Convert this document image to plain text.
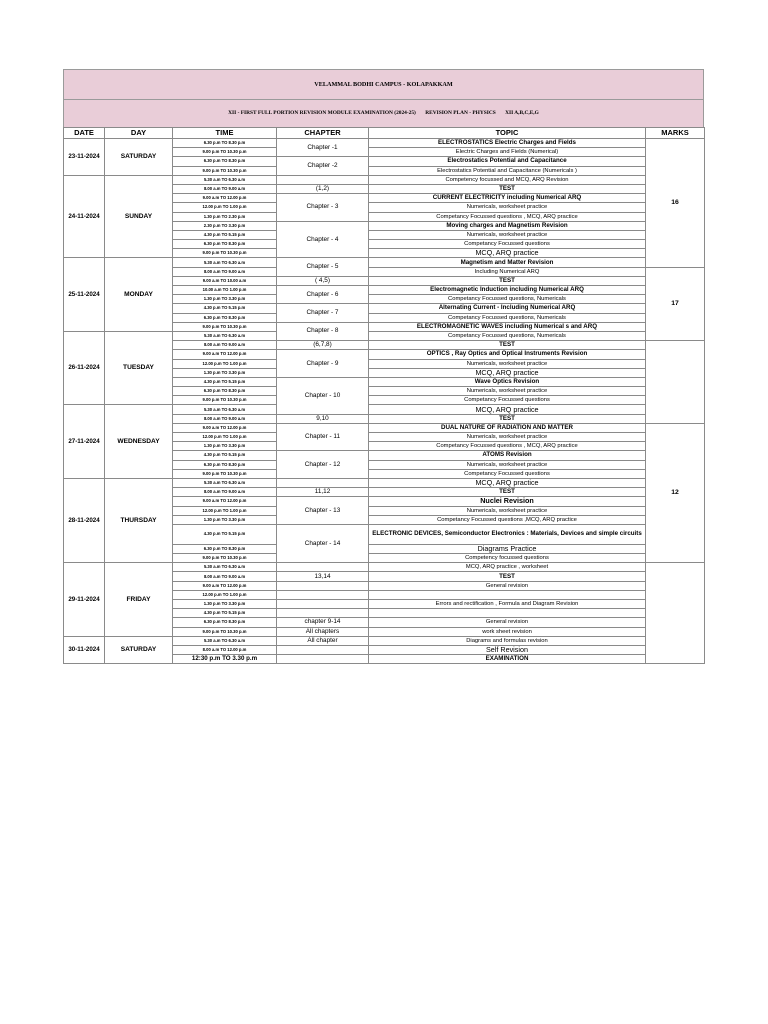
VELAMMAL BODHI CAMPUS - KOLAPAKKAM
XII - FIRST FULL PORTION REVISION MODULE EXAMINATION (2024-25) REVISION PLAN - PHYSICS XII A,B,C,E,G
DATE	DAY	TIME	CHAPTER	TOPIC	MARKS	
23-11-2024	SATURDAY	6.30 p.m TO 8.30 p.m	Chapter -1	ELECTROSTATICS Electric Charges and Fields	16	
		9.00 p.m TO 10.30 p.m		Electric Charges and Fields (Numerical)		
		6.30 p.m TO 8.30 p.m	Chapter -2	Electrostatics Potential and Capacitance		
		9.00 p.m TO 10.30 p.m		Electrostatics Potential and Capacitance (Numericals )		
24-11-2024	SUNDAY	5.30 a.m TO 6.30 a.m		Competency focussed and MCQ, ARQ Revision		
		8.00 a.m TO 9.00 a.m	(1,2)	TEST		
		9.00 a.m TO 12.00 p.m	Chapter - 3	CURRENT ELECTRICITY including Numerical ARQ		
		12.00 p.m TO 1.00 p.m		Numericals, worksheet practice		
		1.30 p.m TO 2.30 p.m		Competancy Focussed questions , MCQ, ARQ practice		
		2.30 p.m TO 3.30 p.m	Chapter - 4	Moving charges and Magnetism Revision		
		4.30 p.m TO 5.15 p.m		Numericals, worksheet practice		
		6.30 p.m TO 8.30 p.m		Competancy Focussed questions		
		9.00 p.m TO 10.30 p.m		MCQ, ARQ practice		
25-11-2024	MONDAY	5.30 a.m TO 6.30 a.m	Chapter - 5	Magnetism and Matter Revision		
		8.00 a.m TO 9.00 a.m		Including Numerical ARQ	17	
		9.00 a.m TO 10.00 a.m	( 4,5)	TEST		
		10.00 a.m TO 1.00 p.m	Chapter - 6	Electromagnetic Induction including Numerical ARQ		
		1.30 p.m TO 3.30 p.m		Competancy Focussed questions, Numericals		
		4.30 p.m TO 5.15 p.m	Chapter - 7	Alternating Current - Including Numerical ARQ		
		6.30 p.m TO 8.30 p.m		Competancy Focussed questions, Numericals		
		9.00 p.m TO 10.30 p.m	Chapter - 8	ELECTROMAGNETIC WAVES including Numerical s and ARQ		
26-11-2024	TUESDAY	5.30 a.m TO 6.30 a.m		Competancy Focussed questions, Numericals	
		8.00 a.m TO 9.00 a.m	(6,7,8)	TEST		
		9.00 a.m TO 12.00 p.m	Chapter - 9	OPTICS , Ray Optics and Optical Instruments Revision		
		12.00 p.m TO 1.00 p.m		Numericals, worksheet practice		
		1.30 p.m TO 3.30 p.m		MCQ, ARQ practice		
		4.30 p.m TO 5.15 p.m	Chapter - 10	Wave Optics Revision		
		6.30 p.m TO 8.30 p.m		Numericals, worksheet practice		
		9.00 p.m TO 10.30 p.m		Competancy Focussed questions		
27-11-2024	WEDNESDAY	5.30 a.m TO 6.30 a.m		MCQ, ARQ practice		
		8.00 a.m TO 9.00 a.m	9,10	TEST		
		9.00 a.m TO 12.00 p.m	Chapter - 11	DUAL NATURE OF RADIATION AND MATTER	12	
		12.00 p.m TO 1.00 p.m		Numericals, worksheet practice		
		1.30 p.m TO 3.30 p.m		Competancy Focussed questions , MCQ, ARQ practice		
		4.30 p.m TO 5.15 p.m	Chapter - 12	ATOMS Revision		
		6.30 p.m TO 8.30 p.m		Numericals, worksheet practice		
		9.00 p.m TO 10.30 p.m		Competancy Focussed questions		
28-11-2024	THURSDAY	5.30 a.m TO 6.30 a.m		MCQ, ARQ practice		
		8.00 a.m TO 9.00 a.m	11,12	TEST		
		9.00 a.m TO 12.00 p.m	Chapter - 13	Nuclei Revision		
		12.00 p.m TO 1.00 p.m		Numericals, worksheet practice		
		1.30 p.m TO 3.30 p.m		Competancy Focussed questions ,MCQ, ARQ practice		
		4.30 p.m TO 5.15 p.m	Chapter - 14	ELECTRONIC DEVICES, Semiconductor Electronics : Materials, Devices and simple circuits		
		6.30 p.m TO 8.30 p.m		Diagrams Practice	
		9.00 p.m TO 10.30 p.m		Competency focussed questions		
29-11-2024	FRIDAY	5.30 a.m TO 6.30 a.m		MCQ, ARQ practice , worksheet		
		8.00 a.m TO 9.00 a.m	13,14	TEST		
		9.00 a.m TO 12.00 p.m		General revision		
		12.00 p.m TO 1.00 p.m				
		1.30 p.m TO 3.30 p.m		Errors and rectification , Formula and Diagram Revision		
		4.30 p.m TO 5.15 p.m				
		6.30 p.m TO 8.30 p.m	chapter 9-14	General revision		
		9.00 p.m TO 10.30 p.m	All chapters	work sheet revision		
30-11-2024	SATURDAY	5.30 a.m TO 6.30 a.m	All chapter	Diagrams and formulas revision		
		8.00 a.m TO 12.00 p.m		Self Revision		
		12:30 p.m TO 3.30 p.m		EXAMINATION	
